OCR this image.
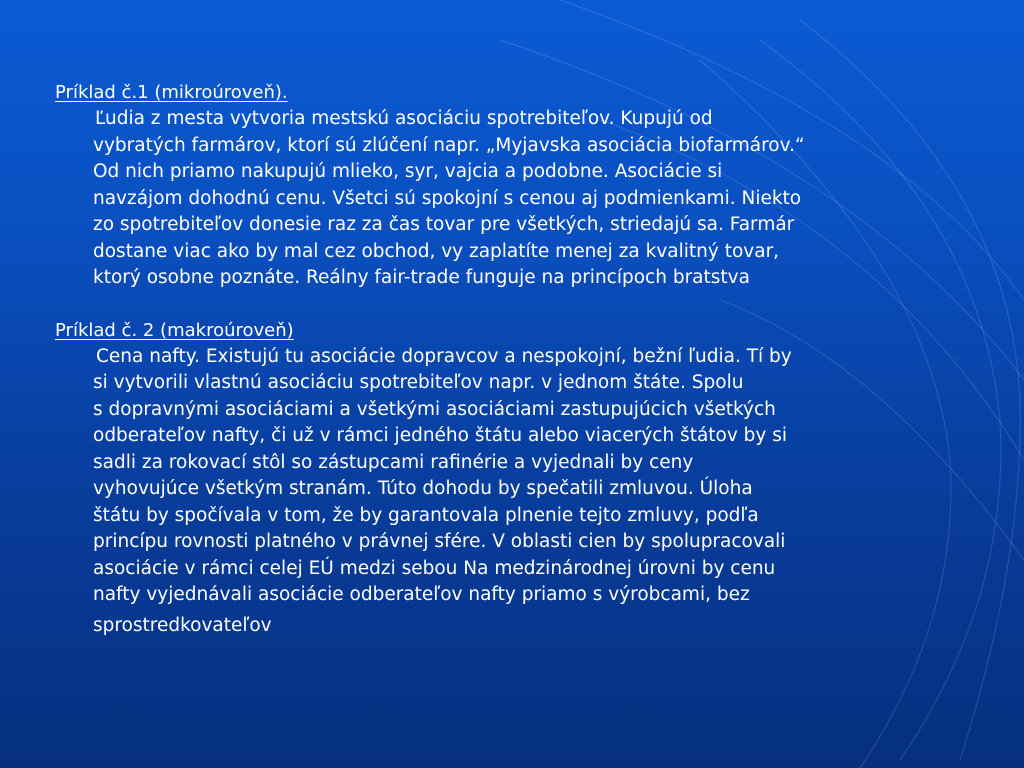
Príklad č.1 (mikroúroveň).

Ľudia z mesta vytvoria mestskú asociáciu spotrebiteľov. Kupujú od
vybratých farmárov, ktorí sú zlúčení napr. „Myjavska asociácia biofarmárov.“
Od nich priamo nakupujú mlieko, syr, vajcia a podobne. Asociácie si
navzájom dohodnú cenu. Všetci sú spokojní s cenou aj podmienkami. Niekto
zo spotrebiteľov donesie raz za čas tovar pre všetkých, striedajú sa. Farmár
dostane viac ako by mal cez obchod, vy zaplatíte menej za kvalitný tovar,
ktorý osobne poznáte. Reálny fair-trade funguje na princípoch bratstva

Príklad č. 2 (makroúroveň)

Cena nafty. Existujú tu asociácie dopravcov a nespokojní, bežní ľudia. Tí by
si vytvorili vlastnú asociáciu spotrebiteľov napr. v jednom štáte. Spolu
s dopravnými asociáciami a všetkými asociáciami zastupujúcich všetkých
odberateľov nafty, či už v rámci jedného štátu alebo viacerých štátov by si
sadli za rokovací stôl so zástupcami rafinérie a vyjednali by ceny
vyhovujúce všetkým stranám. Túto dohodu by spečatili zmluvou. Úloha
štátu by spočívala v tom, že by garantovala plnenie tejto zmluvy, podľa
princípu rovnosti platného v právnej sfére. V oblasti cien by spolupracovali
asociácie v rámci celej EÚ medzi sebou Na medzinárodnej úrovni by cenu
nafty vyjednávali asociácie odberateľov nafty priamo s výrobcami, bez
sprostredkovateľov
